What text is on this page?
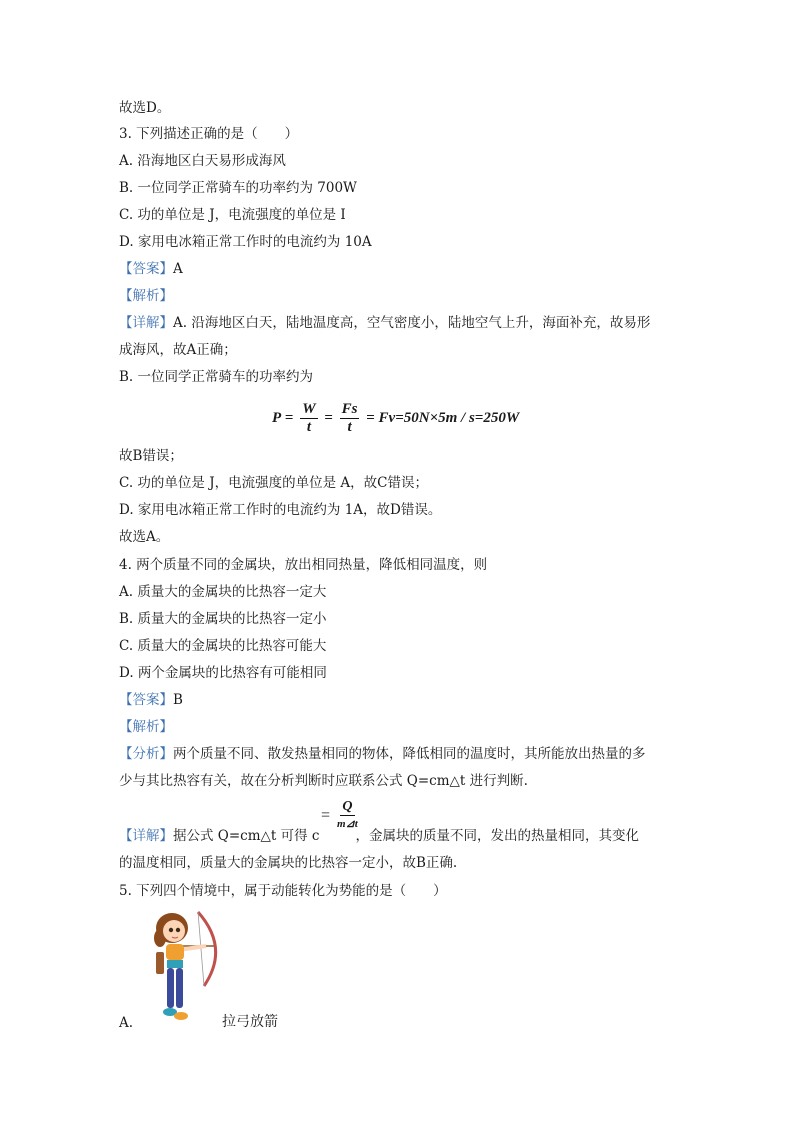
故选D。
3. 下列描述正确的是（　　）
A. 沿海地区白天易形成海风
B. 一位同学正常骑车的功率约为 700W
C. 功的单位是 J，电流强度的单位是 I
D. 家用电冰箱正常工作时的电流约为 10A
【答案】A
【解析】
【详解】A. 沿海地区白天，陆地温度高，空气密度小，陆地空气上升，海面补充，故易形
成海风，故A正确；
B. 一位同学正常骑车的功率约为
$P = \frac{W}{t} = \frac{Fs}{t} = Fv=50N\times 5m / s=250W$
故B错误；
C. 功的单位是 J，电流强度的单位是 A，故C错误；
D. 家用电冰箱正常工作时的电流约为 1A，故D错误。
故选A。
4. 两个质量不同的金属块，放出相同热量，降低相同温度，则
A. 质量大的金属块的比热容一定大
B. 质量大的金属块的比热容一定小
C. 质量大的金属块的比热容可能大
D. 两个金属块的比热容有可能相同
【答案】B
【解析】
【分析】两个质量不同、散发热量相同的物体，降低相同的温度时，其所能放出热量的多
少与其比热容有关，故在分析判断时应联系公式 Q=cm△t 进行判断.
= $\frac{Q}{m⊿t}$
【详解】据公式 Q=cm△t 可得 c	，金属块的质量不同，发出的热量相同，其变化
的温度相同，质量大的金属块的比热容一定小，故B正确.
5. 下列四个情境中，属于动能转化为势能的是（　　）
A.	拉弓放箭
